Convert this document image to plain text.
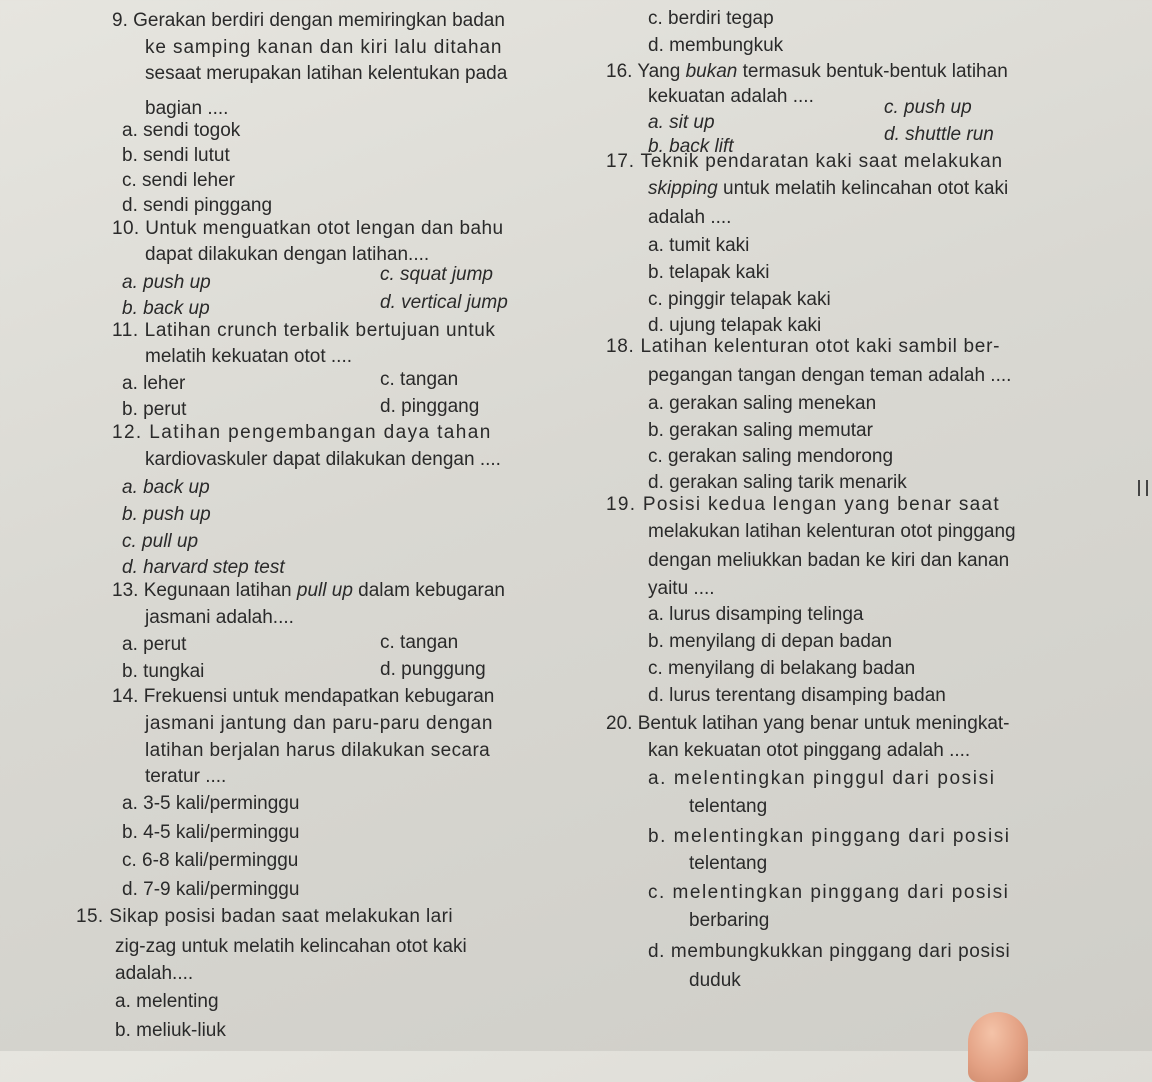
9. Gerakan berdiri dengan memiringkan badan
ke samping kanan dan kiri lalu ditahan
sesaat merupakan latihan kelentukan pada
bagian ....
a. sendi togok
b. sendi lutut
c. sendi leher
d. sendi pinggang
10. Untuk menguatkan otot lengan dan bahu
dapat dilakukan dengan latihan....
a. push up	c. squat jump
b. back up	d. vertical jump
11. Latihan crunch terbalik bertujuan untuk
melatih kekuatan otot ....
a. leher	c. tangan
b. perut	d. pinggang
12. Latihan pengembangan daya tahan
kardiovaskuler dapat dilakukan dengan ....
a. back up
b. push up
c. pull up
d. harvard step test
13. Kegunaan latihan pull up dalam kebugaran
jasmani adalah....
a. perut	c. tangan
b. tungkai	d. punggung
14. Frekuensi untuk mendapatkan kebugaran
jasmani jantung dan paru-paru dengan
latihan berjalan harus dilakukan secara
teratur ....
a. 3-5 kali/perminggu
b. 4-5 kali/perminggu
c. 6-8 kali/perminggu
d. 7-9 kali/perminggu
15. Sikap posisi badan saat melakukan lari
zig-zag untuk melatih kelincahan otot kaki
adalah....
a. melenting
b. meliuk-liuk
c. berdiri tegap
d. membungkuk
16. Yang bukan termasuk bentuk-bentuk latihan
kekuatan adalah ....
a. sit up
b. back lift
c. push up
d. shuttle run
17. Teknik pendaratan kaki saat melakukan
skipping untuk melatih kelincahan otot kaki
adalah ....
a. tumit kaki
b. telapak kaki
c. pinggir telapak kaki
d. ujung telapak kaki
18. Latihan kelenturan otot kaki sambil ber-
pegangan tangan dengan teman adalah ....
a. gerakan saling menekan
b. gerakan saling memutar
c. gerakan saling mendorong
d. gerakan saling tarik menarik
19. Posisi kedua lengan yang benar saat
melakukan latihan kelenturan otot pinggang
dengan meliukkan badan ke kiri dan kanan
yaitu ....
a. lurus disamping telinga
b. menyilang di depan badan
c. menyilang di belakang badan
d. lurus terentang disamping badan
20. Bentuk latihan yang benar untuk meningkat-
kan kekuatan otot pinggang adalah ....
a. melentingkan pinggul dari posisi
telentang
b. melentingkan pinggang dari posisi
telentang
c. melentingkan pinggang dari posisi
berbaring
d. membungkukkan pinggang dari posisi
duduk
